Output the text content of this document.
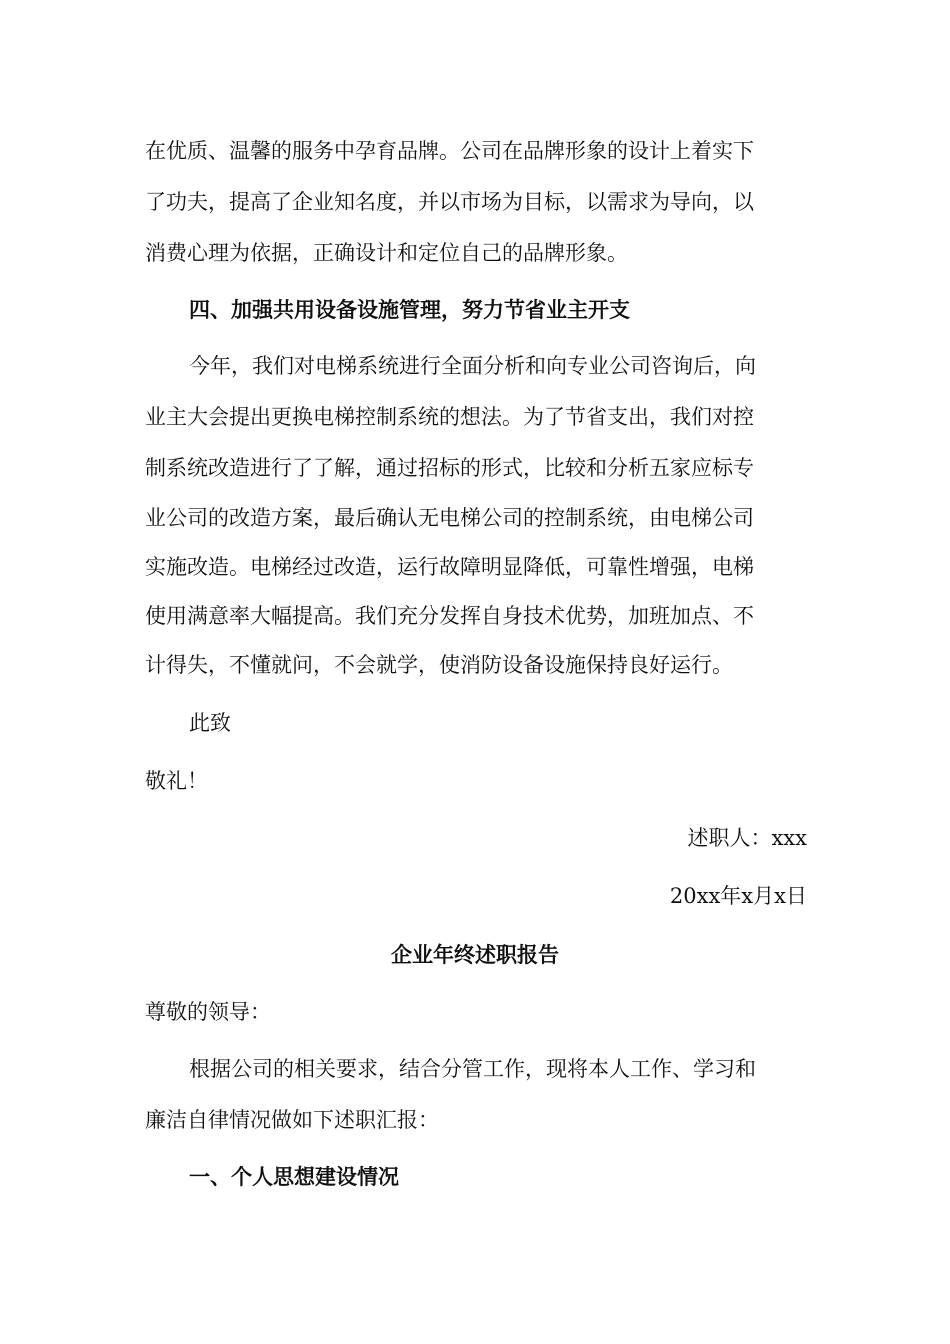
在优质、温馨的服务中孕育品牌。公司在品牌形象的设计上着实下
了功夫，提高了企业知名度，并以市场为目标，以需求为导向，以
消费心理为依据，正确设计和定位自己的品牌形象。
四、加强共用设备设施管理，努力节省业主开支
今年，我们对电梯系统进行全面分析和向专业公司咨询后，向
业主大会提出更换电梯控制系统的想法。为了节省支出，我们对控
制系统改造进行了了解，通过招标的形式，比较和分析五家应标专
业公司的改造方案，最后确认无电梯公司的控制系统，由电梯公司
实施改造。电梯经过改造，运行故障明显降低，可靠性增强，电梯
使用满意率大幅提高。我们充分发挥自身技术优势，加班加点、不
计得失，不懂就问，不会就学，使消防设备设施保持良好运行。
此致
敬礼！
述职人：xxx
20xx年x月x日
企业年终述职报告
尊敬的领导：
根据公司的相关要求，结合分管工作，现将本人工作、学习和
廉洁自律情况做如下述职汇报：
一、个人思想建设情况
